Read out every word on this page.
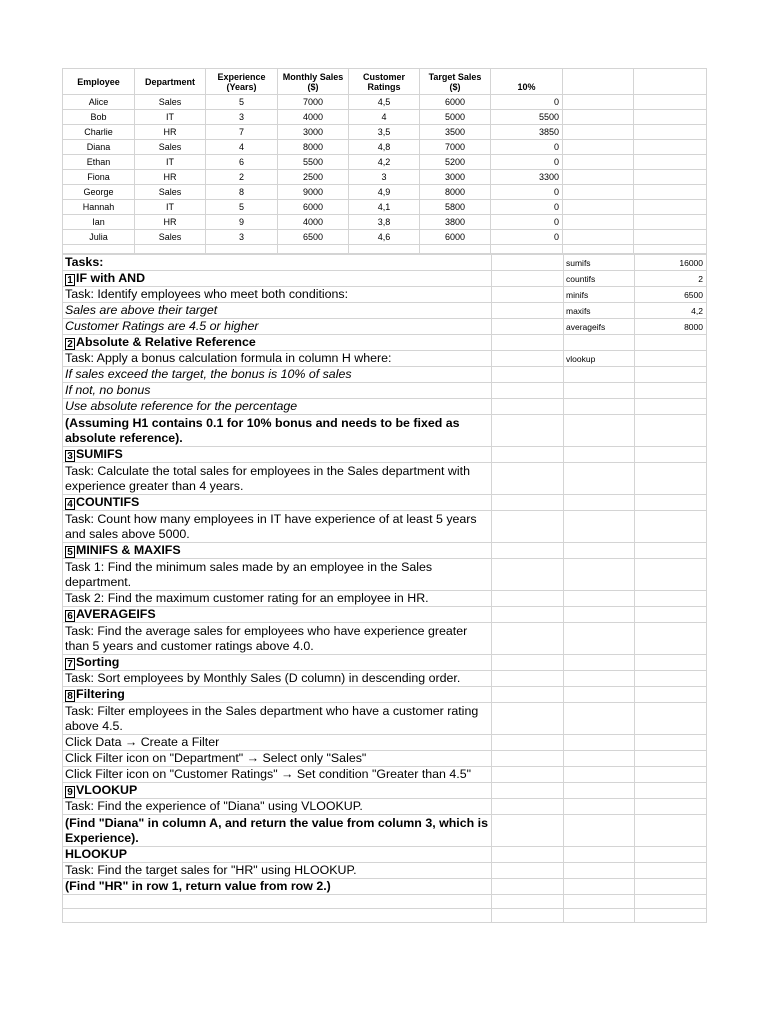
Employee	Department	Experience (Years)	Monthly Sales ($)	Customer Ratings	Target Sales ($)	10%		
Alice	Sales	5	7000	4,5	6000	0		
Bob	IT	3	4000	4	5000	5500		
Charlie	HR	7	3000	3,5	3500	3850		
Diana	Sales	4	8000	4,8	7000	0		
Ethan	IT	6	5500	4,2	5200	0		
Fiona	HR	2	2500	3	3000	3300		
George	Sales	8	9000	4,9	8000	0		
Hannah	IT	5	6000	4,1	5800	0		
Ian	HR	9	4000	3,8	3800	0		
Julia	Sales	3	6500	4,6	6000	0		

Tasks:		sumifs	16000
1 IF with AND		countifs	2
Task: Identify employees who meet both conditions:		minifs	6500
Sales are above their target		maxifs	4,2
Customer Ratings are 4.5 or higher		averageifs	8000
2 Absolute & Relative Reference			
Task: Apply a bonus calculation formula in column H where:		vlookup	
If sales exceed the target, the bonus is 10% of sales			
If not, no bonus			
Use absolute reference for the percentage			
(Assuming H1 contains 0.1 for 10% bonus and needs to be fixed as absolute reference).			
3 SUMIFS			
Task: Calculate the total sales for employees in the Sales department with experience greater than 4 years.			
4 COUNTIFS			
Task: Count how many employees in IT have experience of at least 5 years and sales above 5000.			
5 MINIFS & MAXIFS			
Task 1: Find the minimum sales made by an employee in the Sales department.			
Task 2: Find the maximum customer rating for an employee in HR.			
6 AVERAGEIFS			
Task: Find the average sales for employees who have experience greater than 5 years and customer ratings above 4.0.			
7 Sorting			
Task: Sort employees by Monthly Sales (D column) in descending order.			
8 Filtering			
Task: Filter employees in the Sales department who have a customer rating above 4.5.			
Click Data → Create a Filter			
Click Filter icon on "Department" → Select only "Sales"			
Click Filter icon on "Customer Ratings" → Set condition "Greater than 4.5"			
9 VLOOKUP			
Task: Find the experience of "Diana" using VLOOKUP.			
(Find "Diana" in column A, and return the value from column 3, which is Experience).			
HLOOKUP			
Task: Find the target sales for "HR" using HLOOKUP.			
(Find "HR" in row 1, return value from row 2.)			
